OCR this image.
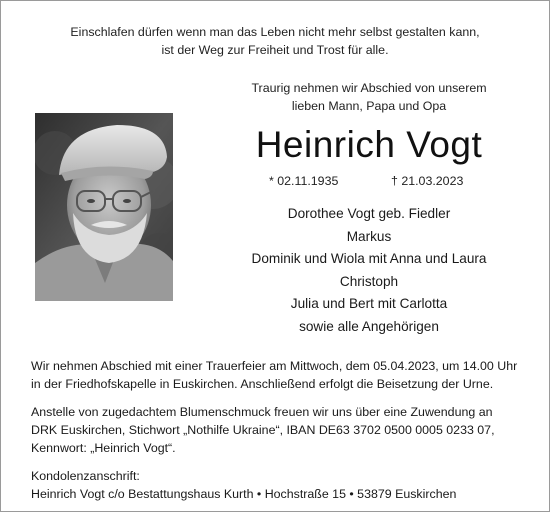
Einschlafen dürfen wenn man das Leben nicht mehr selbst gestalten kann,
ist der Weg zur Freiheit und Trost für alle.
Traurig nehmen wir Abschied von unserem
lieben Mann, Papa und Opa
Heinrich Vogt
* 02.11.1935	† 21.03.2023
Dorothee Vogt geb. Fiedler
Markus
Dominik und Wiola mit Anna und Laura
Christoph
Julia und Bert mit Carlotta
sowie alle Angehörigen
Wir nehmen Abschied mit einer Trauerfeier am Mittwoch, dem 05.04.2023, um 14.00 Uhr
in der Friedhofskapelle in Euskirchen. Anschließend erfolgt die Beisetzung der Urne.
Anstelle von zugedachtem Blumenschmuck freuen wir uns über eine Zuwendung an
DRK Euskirchen, Stichwort „Nothilfe Ukraine“, IBAN DE63 3702 0500 0005 0233 07,
Kennwort: „Heinrich Vogt“.
Kondolenzanschrift:
Heinrich Vogt c/o Bestattungshaus Kurth • Hochstraße 15 • 53879 Euskirchen
